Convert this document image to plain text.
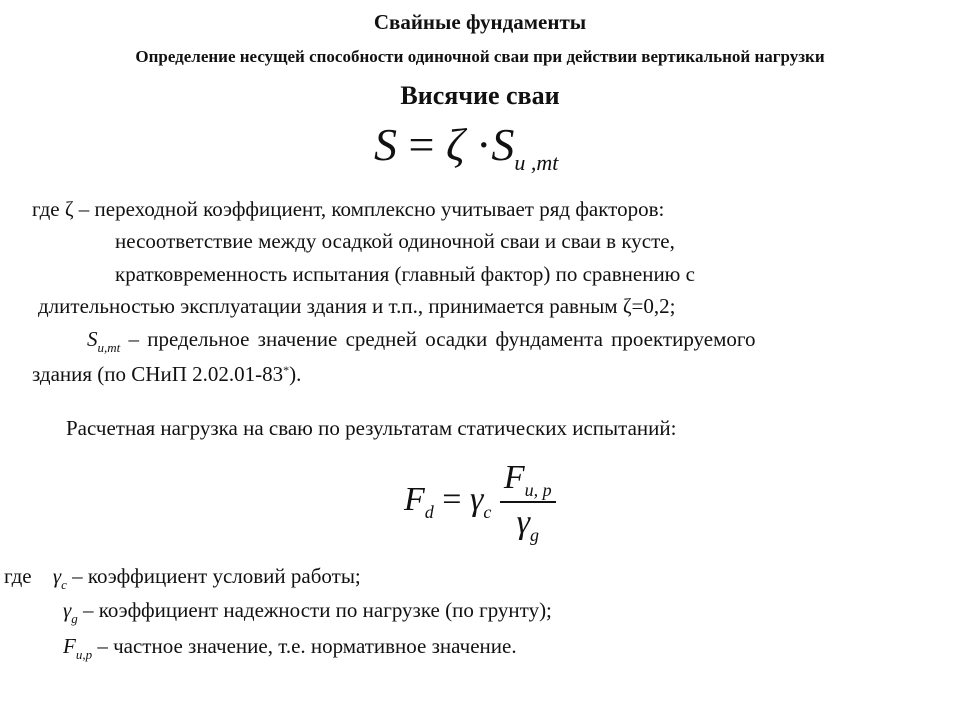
Свайные фундаменты
Определение несущей способности одиночной сваи при действии вертикальной нагрузки
Висячие сваи
$S = \zeta \cdot S_{u ,mt}$
где ζ – переходной коэффициент, комплексно учитывает ряд факторов:
несоответствие между осадкой одиночной сваи и сваи в кусте,
кратковременность испытания (главный фактор) по сравнению с
длительностью эксплуатации здания и т.п., принимается равным ζ=0,2;
$S_{u,mt}$ – предельное значение средней осадки фундамента проектируемого
здания (по СНиП 2.02.01-83*).
Расчетная нагрузка на сваю по результатам статических испытаний:
$F_d = \gamma_c \frac{F_{u, p}}{\gamma_g}$
где $\gamma_c$ – коэффициент условий работы;
$\gamma_g$ – коэффициент надежности по нагрузке (по грунту);
$F_{u,p}$ – частное значение, т.е. нормативное значение.
